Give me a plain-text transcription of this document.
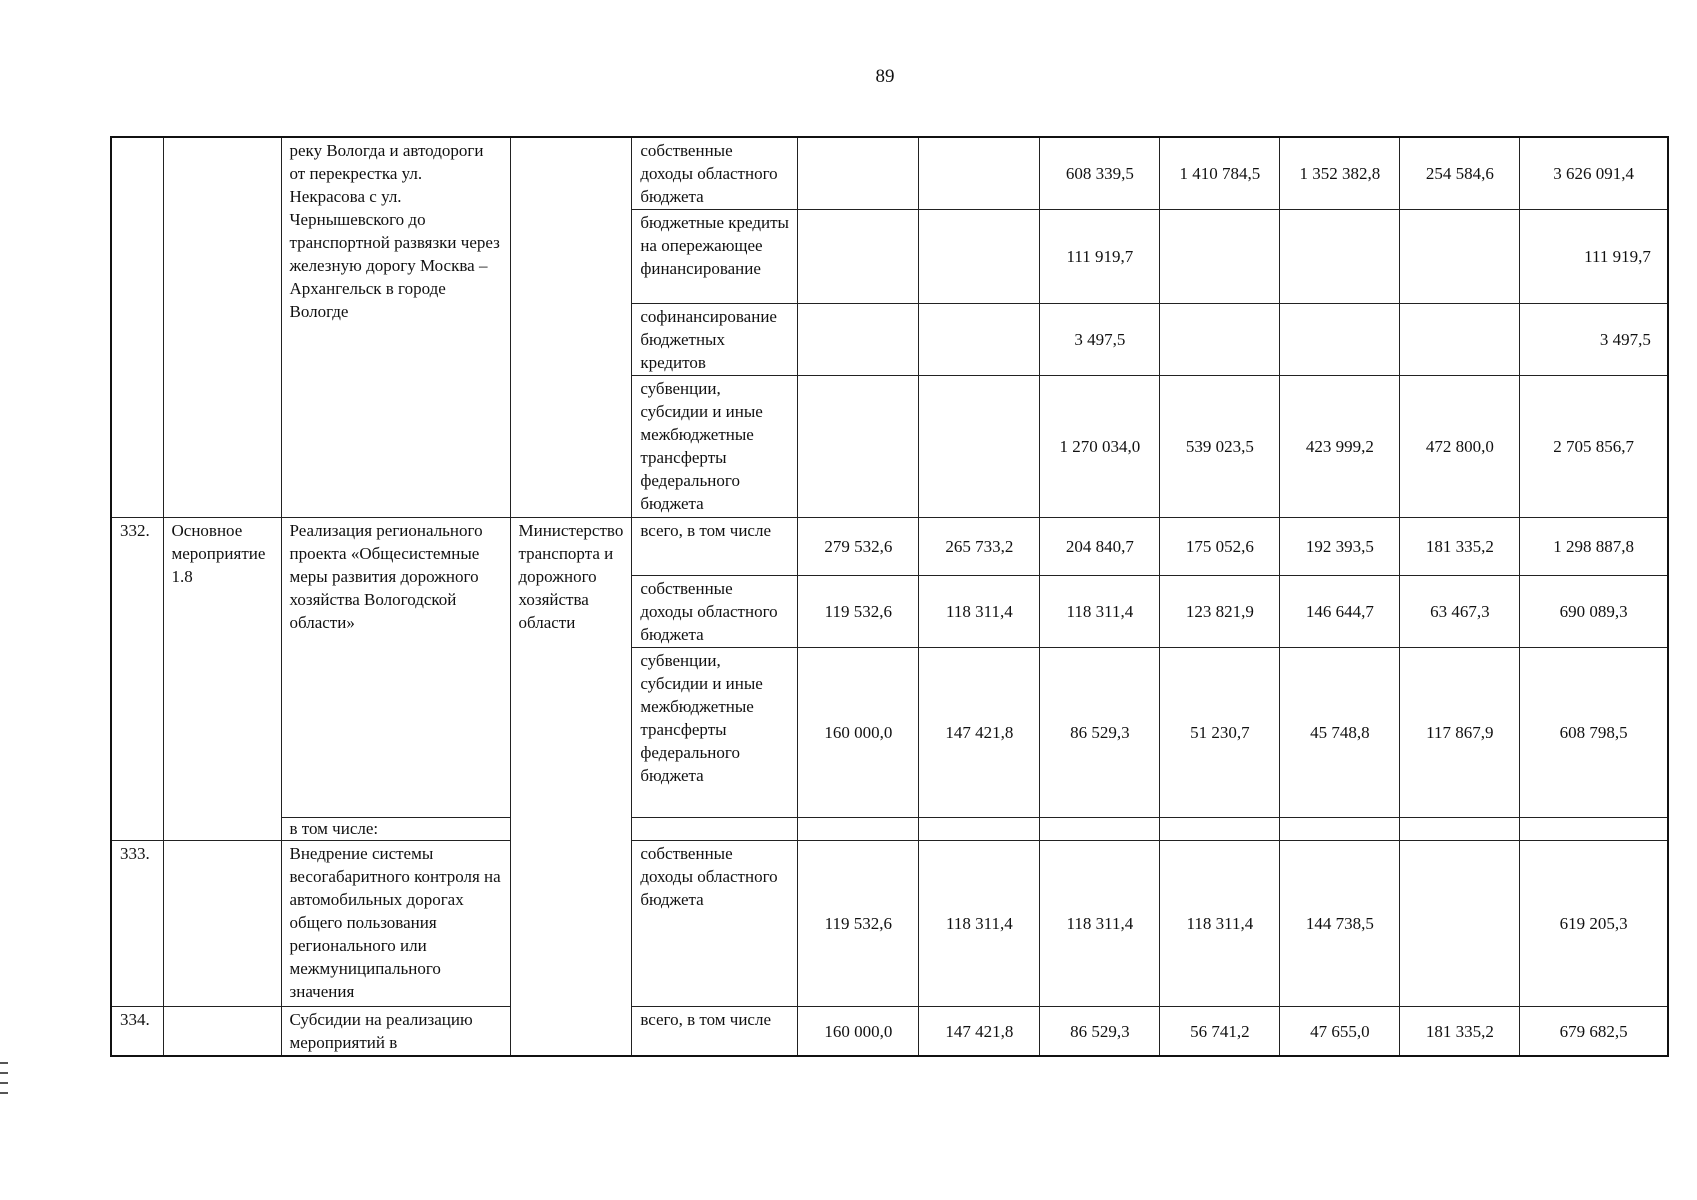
89
		реку Вологда и автодороги от перекрестка ул. Некрасова с ул. Чернышевского до транспортной развязки через железную дорогу Москва – Архангельск в городе Вологде		собственные доходы областного бюджета			608 339,5	1 410 784,5	1 352 382,8	254 584,6	3 626 091,4
				бюджетные кредиты на опережающее финансирование			111 919,7				111 919,7
				софинансирование бюджетных кредитов			3 497,5				3 497,5
				субвенции, субсидии и иные межбюджетные трансферты федерального бюджета			1 270 034,0	539 023,5	423 999,2	472 800,0	2 705 856,7
332.	Основное мероприятие 1.8	Реализация регионального проекта «Общесистемные меры развития дорожного хозяйства Вологодской области»	Министерство транспорта и дорожного хозяйства области	всего, в том числе	279 532,6	265 733,2	204 840,7	175 052,6	192 393,5	181 335,2	1 298 887,8
				собственные доходы областного бюджета	119 532,6	118 311,4	118 311,4	123 821,9	146 644,7	63 467,3	690 089,3
				субвенции, субсидии и иные межбюджетные трансферты федерального бюджета	160 000,0	147 421,8	86 529,3	51 230,7	45 748,8	117 867,9	608 798,5
		в том числе:									
333.		Внедрение системы весогабаритного контроля на автомобильных дорогах общего пользования регионального или межмуниципального значения		собственные доходы областного бюджета	119 532,6	118 311,4	118 311,4	118 311,4	144 738,5		619 205,3
334.		Субсидии на реализацию мероприятий в		всего, в том числе	160 000,0	147 421,8	86 529,3	56 741,2	47 655,0	181 335,2	679 682,5
